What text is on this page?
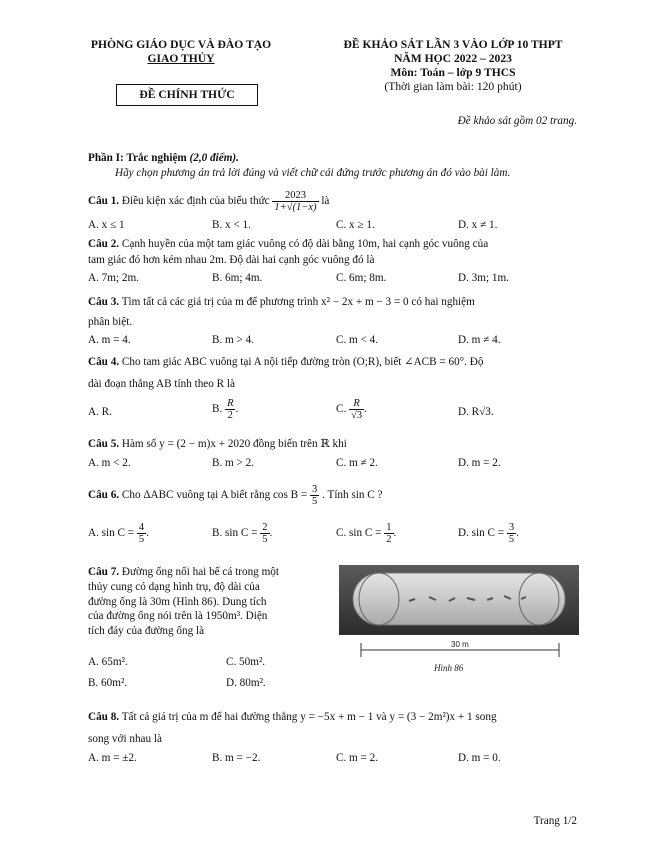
PHÒNG GIÁO DỤC VÀ ĐÀO TẠO
GIAO THỦY
ĐỀ CHÍNH THỨC
ĐỀ KHẢO SÁT LẦN 3 VÀO LỚP 10 THPT
NĂM HỌC 2022 – 2023
Môn: Toán – lớp 9 THCS
(Thời gian làm bài: 120 phút)
Đề khảo sát gồm 02 trang.
Phần I: Trắc nghiệm (2,0 điểm).
Hãy chọn phương án trả lời đúng và viết chữ cái đứng trước phương án đó vào bài làm.
Câu 1. Điều kiện xác định của biểu thức $\frac{2023}{1+√(1-x)}$ là
A. x ≤ 1	B. x < 1.	C. x ≥ 1.	D. x ≠ 1.
Câu 2. Cạnh huyền của một tam giác vuông có độ dài bằng 10m, hai cạnh góc vuông của
tam giác đó hơn kém nhau 2m. Độ dài hai cạnh góc vuông đó là
A. 7m; 2m.	B. 6m; 4m.	C. 6m; 8m.	D. 3m; 1m.
Câu 3. Tìm tất cả các giá trị của m để phương trình x² − 2x + m − 3 = 0 có hai nghiệm
phân biệt.
A. m = 4.	B. m > 4.	C. m < 4.	D. m ≠ 4.
Câu 4. Cho tam giác ABC vuông tại A nội tiếp đường tròn (O;R), biết ∠ACB = 60°. Độ
dài đoạn thẳng AB tính theo R là
A. R.	B. $\frac{R}{2}$ .	C. $\frac{R}{√3}$ .	D. R√3.
Câu 5. Hàm số y = (2 − m)x + 2020 đồng biến trên ℝ khi
A. m < 2.	B. m > 2.	C. m ≠ 2.	D. m = 2.
Câu 6. Cho ΔABC vuông tại A biết rằng $\cos B = \frac{3}{5}$ . Tính sin C ?
A. $\sin C = \frac{4}{5}$ .	B. $\sin C = \frac{2}{5}$ .	C. $\sin C = \frac{1}{2}$ .	D. $\sin C = \frac{3}{5}$ .
Câu 7. Đường ống nối hai bể cá trong một
thủy cung có dạng hình trụ, độ dài của
đường ống là 30m (Hình 86). Dung tích
của đường ống nói trên là 1950m³. Diện
tích đáy của đường ống là
A. 65m².	C. 50m².
B. 60m².	D. 80m².
30 m
Hình 86
Câu 8. Tất cả giá trị của m để hai đường thẳng y = −5x + m − 1 và y = (3 − 2m²)x + 1 song
song với nhau là
A. m = ±2.	B. m = −2.	C. m = 2.	D. m = 0.
Trang 1/2
